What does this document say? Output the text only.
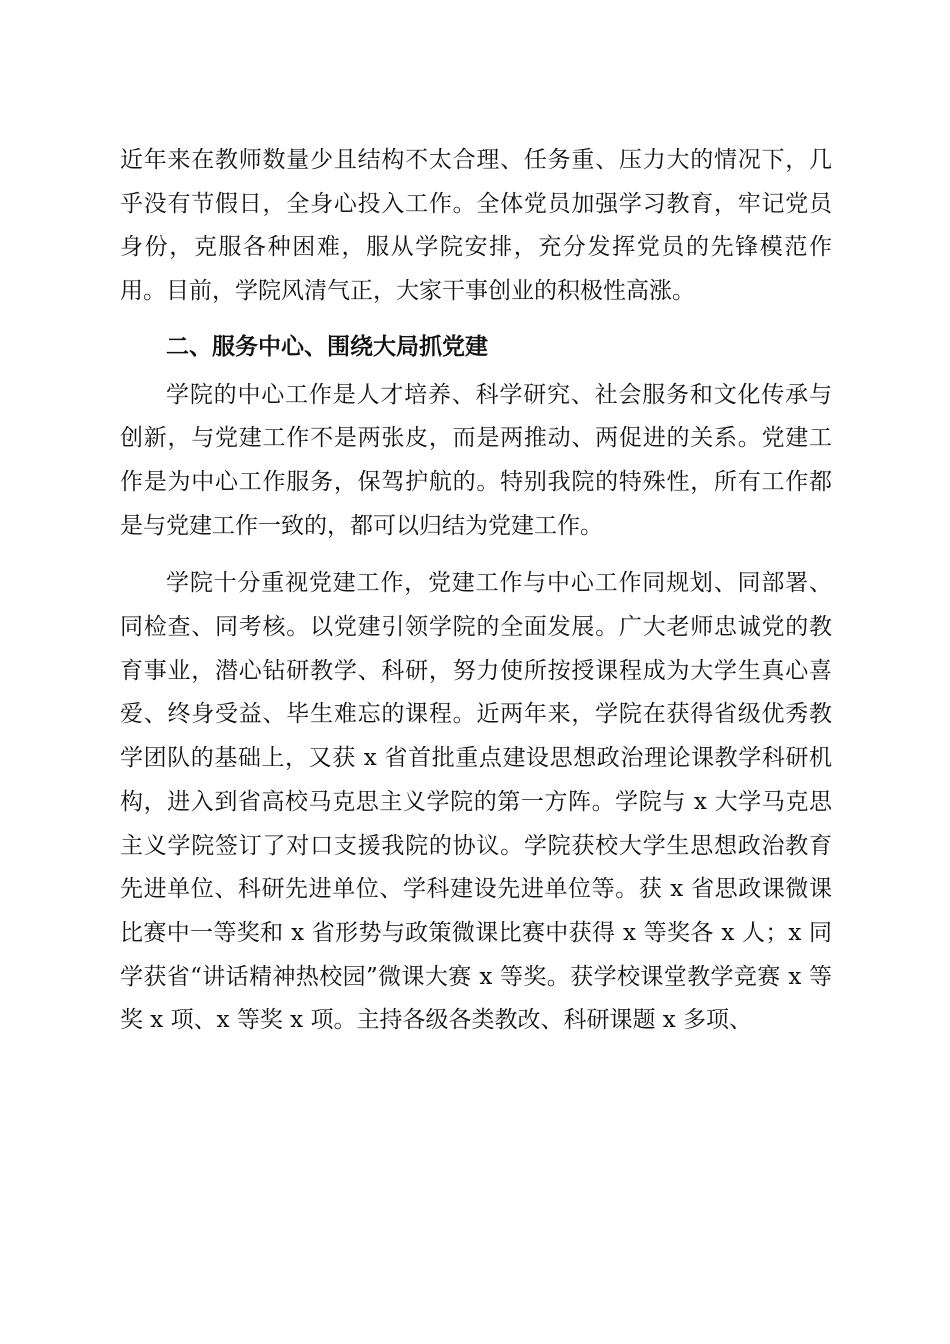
近年来在教师数量少且结构不太合理、任务重、压力大的情况下，几乎没有节假日，全身心投入工作。全体党员加强学习教育，牢记党员身份，克服各种困难，服从学院安排，充分发挥党员的先锋模范作用。目前，学院风清气正，大家干事创业的积极性高涨。

二、服务中心、围绕大局抓党建

学院的中心工作是人才培养、科学研究、社会服务和文化传承与创新，与党建工作不是两张皮，而是两推动、两促进的关系。党建工作是为中心工作服务，保驾护航的。特别我院的特殊性，所有工作都是与党建工作一致的，都可以归结为党建工作。

学院十分重视党建工作，党建工作与中心工作同规划、同部署、同检查、同考核。以党建引领学院的全面发展。广大老师忠诚党的教育事业，潜心钻研教学、科研，努力使所按授课程成为大学生真心喜爱、终身受益、毕生难忘的课程。近两年来，学院在获得省级优秀教学团队的基础上，又获 x 省首批重点建设思想政治理论课教学科研机构，进入到省高校马克思主义学院的第一方阵。学院与 x 大学马克思主义学院签订了对口支援我院的协议。学院获校大学生思想政治教育先进单位、科研先进单位、学科建设先进单位等。获 x 省思政课微课比赛中一等奖和 x 省形势与政策微课比赛中获得 x 等奖各 x 人；x 同学获省“讲话精神热校园”微课大赛 x 等奖。获学校课堂教学竞赛 x 等奖 x 项、x 等奖 x 项。主持各级各类教改、科研课题 x 多项、
